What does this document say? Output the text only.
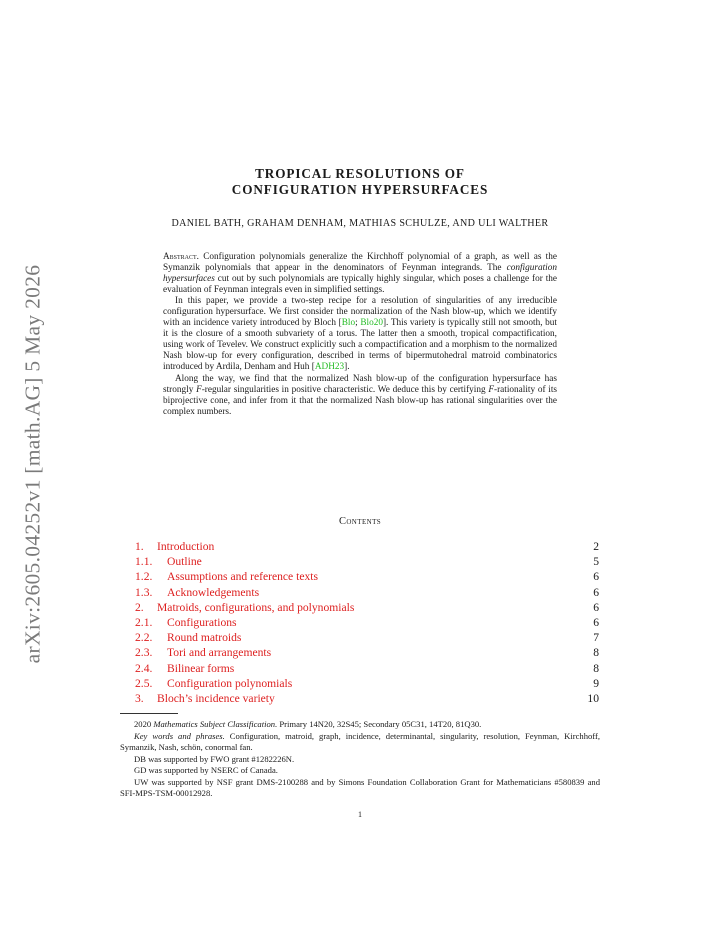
arXiv:2605.04252v1 [math.AG] 5 May 2026
TROPICAL RESOLUTIONS OF
CONFIGURATION HYPERSURFACES
DANIEL BATH, GRAHAM DENHAM, MATHIAS SCHULZE, AND ULI WALTHER

Abstract. Configuration polynomials generalize the Kirchhoff polynomial of a graph, as well as the Symanzik polynomials that appear in the denominators of Feynman integrands. The configuration hypersurfaces cut out by such polynomials are typically highly singular, which poses a challenge for the evaluation of Feynman integrals even in simplified settings.

In this paper, we provide a two-step recipe for a resolution of singularities of any irreducible configuration hypersurface. We first consider the normalization of the Nash blow-up, which we identify with an incidence variety introduced by Bloch [Blo; Blo20]. This variety is typically still not smooth, but it is the closure of a smooth subvariety of a torus. The latter then a smooth, tropical compactification, using work of Tevelev. We construct explicitly such a compactification and a morphism to the normalized Nash blow-up for every configuration, described in terms of bipermutohedral matroid combinatorics introduced by Ardila, Denham and Huh [ADH23].

Along the way, we find that the normalized Nash blow-up of the configuration hypersurface has strongly F-regular singularities in positive characteristic. We deduce this by certifying F-rationality of its biprojective cone, and infer from it that the normalized Nash blow-up has rational singularities over the complex numbers.

Contents
1. Introduction	2
1.1. Outline	5
1.2. Assumptions and reference texts	6
1.3. Acknowledgements	6
2. Matroids, configurations, and polynomials	6
2.1. Configurations	6
2.2. Round matroids	7
2.3. Tori and arrangements	8
2.4. Bilinear forms	8
2.5. Configuration polynomials	9
3. Bloch’s incidence variety	10

2020 Mathematics Subject Classification. Primary 14N20, 32S45; Secondary 05C31, 14T20, 81Q30.

Key words and phrases. Configuration, matroid, graph, incidence, determinantal, singularity, resolution, Feynman, Kirchhoff, Symanzik, Nash, schön, conormal fan.

DB was supported by FWO grant #1282226N.

GD was supported by NSERC of Canada.

UW was supported by NSF grant DMS-2100288 and by Simons Foundation Collaboration Grant for Mathematicians #580839 and SFI-MPS-TSM-00012928.

1
